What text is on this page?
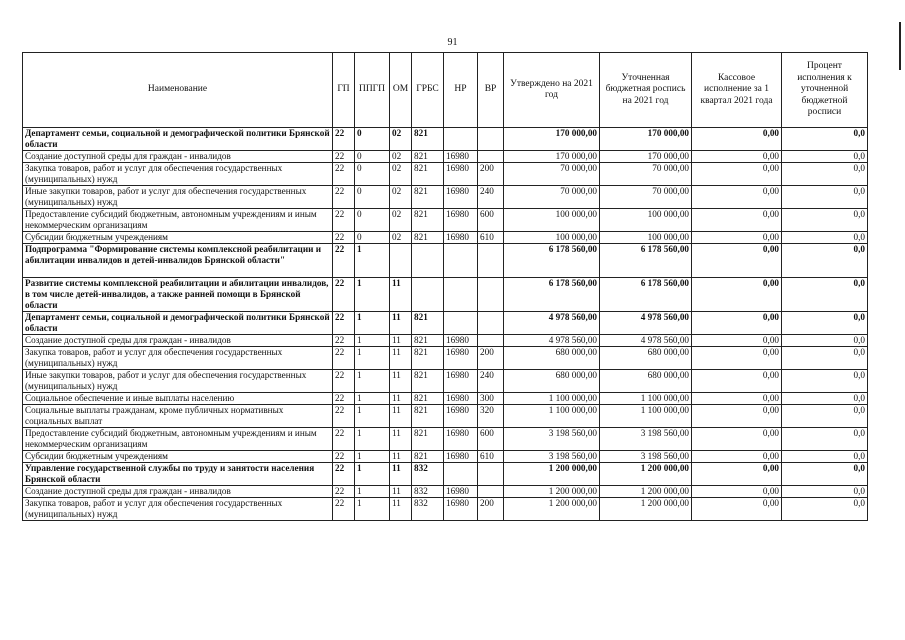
91
Наименование	ГП	ППГП	ОМ	ГРБС	НР	ВР	Утверждено на 2021 год	Уточненная бюджетная роспись на 2021 год	Кассовое исполнение за 1 квартал 2021 года	Процент исполнения к уточненной бюджетной росписи
Департамент семьи, социальной и демографической политики Брянской области	22	0	02	821			170 000,00	170 000,00	0,00	0,0
Создание доступной среды для граждан - инвалидов	22	0	02	821	16980		170 000,00	170 000,00	0,00	0,0
Закупка товаров, работ и услуг для обеспечения государственных (муниципальных) нужд	22	0	02	821	16980	200	70 000,00	70 000,00	0,00	0,0
Иные закупки товаров, работ и услуг для обеспечения государственных (муниципальных) нужд	22	0	02	821	16980	240	70 000,00	70 000,00	0,00	0,0
Предоставление субсидий бюджетным, автономным учреждениям и иным некоммерческим организациям	22	0	02	821	16980	600	100 000,00	100 000,00	0,00	0,0
Субсидии бюджетным учреждениям	22	0	02	821	16980	610	100 000,00	100 000,00	0,00	0,0
Подпрограмма "Формирование системы комплексной реабилитации и абилитации инвалидов и детей-инвалидов Брянской области"	22	1					6 178 560,00	6 178 560,00	0,00	0,0
Развитие системы комплексной реабилитации и абилитации инвалидов, в том числе детей-инвалидов, а также ранней помощи в Брянской области	22	1	11				6 178 560,00	6 178 560,00	0,00	0,0
Департамент семьи, социальной и демографической политики Брянской области	22	1	11	821			4 978 560,00	4 978 560,00	0,00	0,0
Создание доступной среды для граждан - инвалидов	22	1	11	821	16980		4 978 560,00	4 978 560,00	0,00	0,0
Закупка товаров, работ и услуг для обеспечения государственных (муниципальных) нужд	22	1	11	821	16980	200	680 000,00	680 000,00	0,00	0,0
Иные закупки товаров, работ и услуг для обеспечения государственных (муниципальных) нужд	22	1	11	821	16980	240	680 000,00	680 000,00	0,00	0,0
Социальное обеспечение и иные выплаты населению	22	1	11	821	16980	300	1 100 000,00	1 100 000,00	0,00	0,0
Социальные выплаты гражданам, кроме публичных нормативных социальных выплат	22	1	11	821	16980	320	1 100 000,00	1 100 000,00	0,00	0,0
Предоставление субсидий бюджетным, автономным учреждениям и иным некоммерческим организациям	22	1	11	821	16980	600	3 198 560,00	3 198 560,00	0,00	0,0
Субсидии бюджетным учреждениям	22	1	11	821	16980	610	3 198 560,00	3 198 560,00	0,00	0,0
Управление государственной службы по труду и занятости населения Брянской области	22	1	11	832			1 200 000,00	1 200 000,00	0,00	0,0
Создание доступной среды для граждан - инвалидов	22	1	11	832	16980		1 200 000,00	1 200 000,00	0,00	0,0
Закупка товаров, работ и услуг для обеспечения государственных (муниципальных) нужд	22	1	11	832	16980	200	1 200 000,00	1 200 000,00	0,00	0,0
